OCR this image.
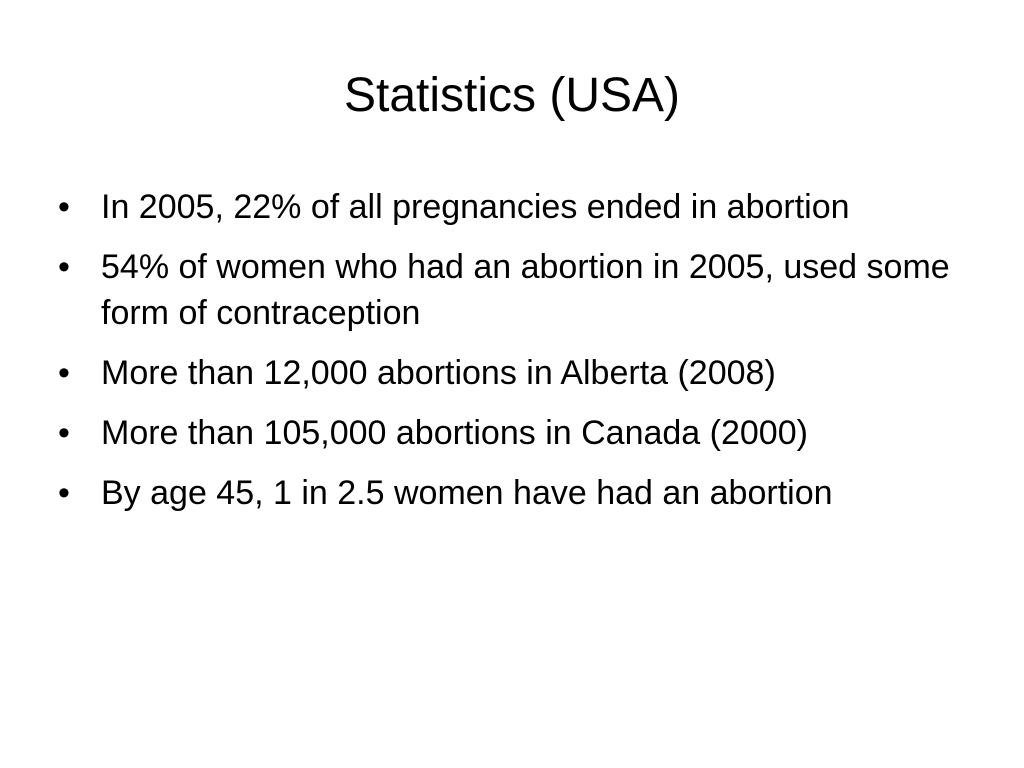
Statistics (USA)
• In 2005, 22% of all pregnancies ended in abortion
• 54% of women who had an abortion in 2005, used some form of contraception
• More than 12,000 abortions in Alberta (2008)
• More than 105,000 abortions in Canada (2000)
• By age 45, 1 in 2.5 women have had an abortion
